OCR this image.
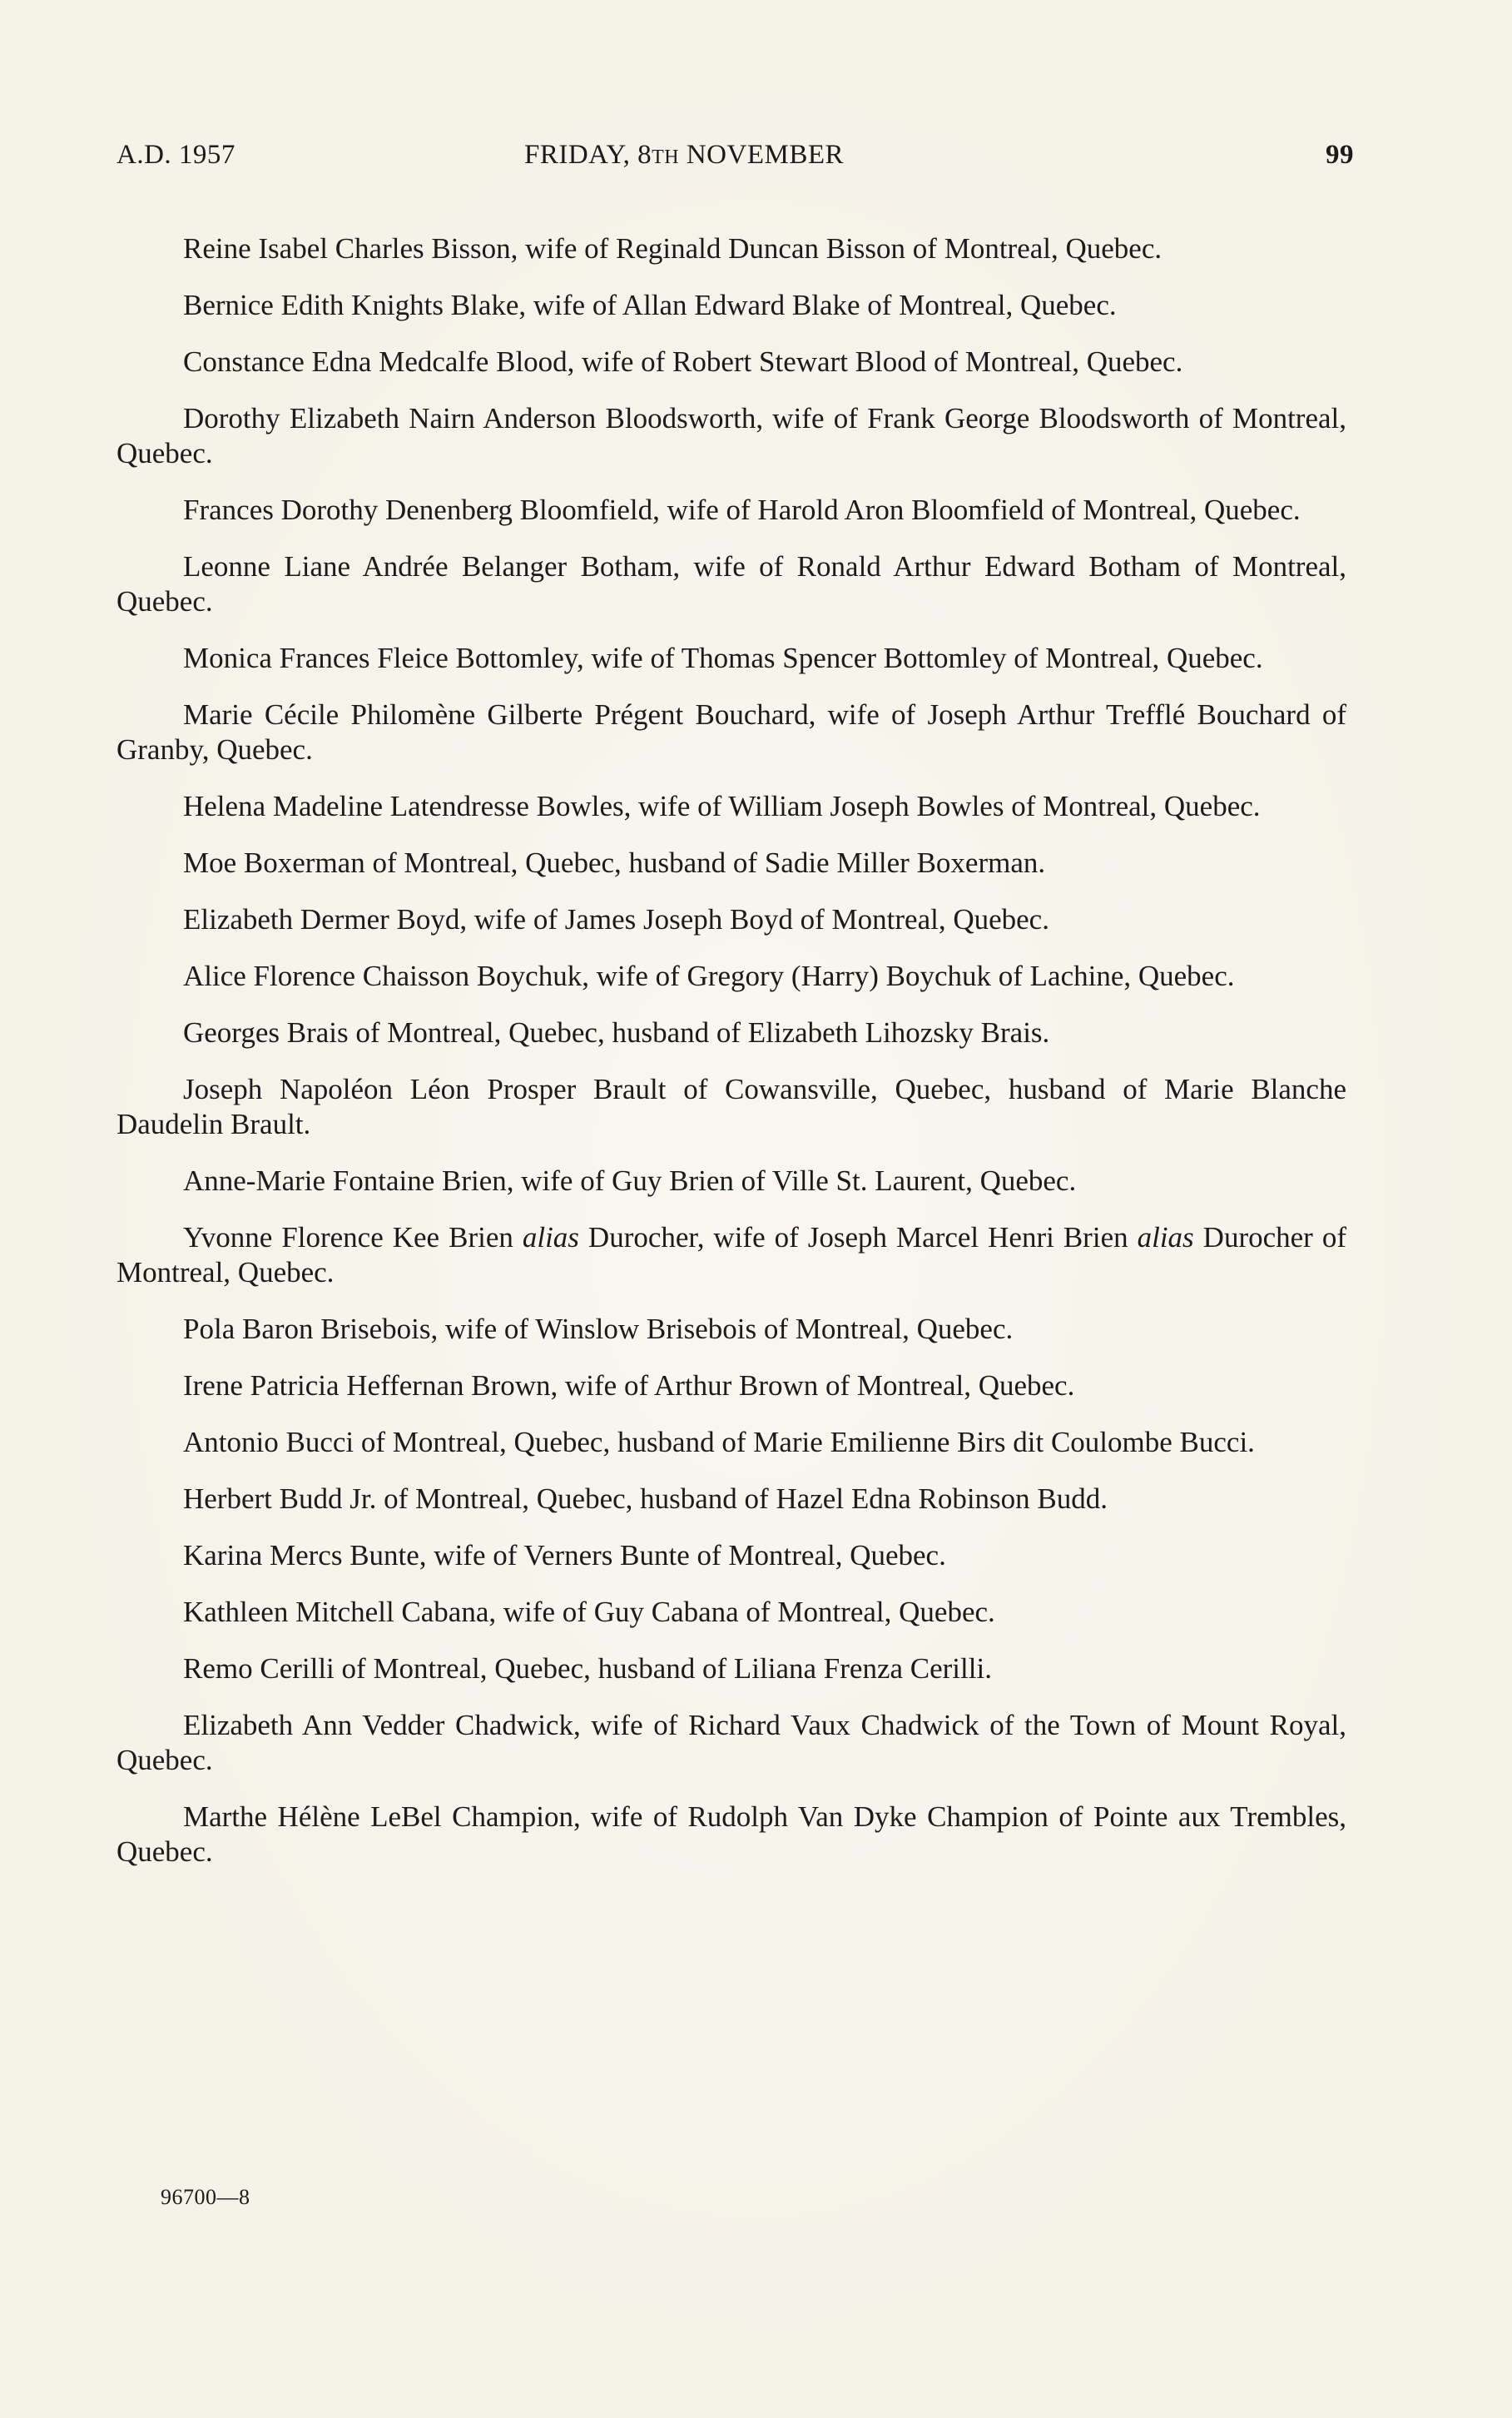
A.D. 1957	FRIDAY, 8TH NOVEMBER	99

Reine Isabel Charles Bisson, wife of Reginald Duncan Bisson of Montreal, Quebec.

Bernice Edith Knights Blake, wife of Allan Edward Blake of Montreal, Quebec.

Constance Edna Medcalfe Blood, wife of Robert Stewart Blood of Montreal, Quebec.

Dorothy Elizabeth Nairn Anderson Bloodsworth, wife of Frank George Bloodsworth of Montreal, Quebec.

Frances Dorothy Denenberg Bloomfield, wife of Harold Aron Bloomfield of Montreal, Quebec.

Leonne Liane Andrée Belanger Botham, wife of Ronald Arthur Edward Botham of Montreal, Quebec.

Monica Frances Fleice Bottomley, wife of Thomas Spencer Bottomley of Montreal, Quebec.

Marie Cécile Philomène Gilberte Prégent Bouchard, wife of Joseph Arthur Trefflé Bouchard of Granby, Quebec.

Helena Madeline Latendresse Bowles, wife of William Joseph Bowles of Montreal, Quebec.

Moe Boxerman of Montreal, Quebec, husband of Sadie Miller Boxerman.

Elizabeth Dermer Boyd, wife of James Joseph Boyd of Montreal, Quebec.

Alice Florence Chaisson Boychuk, wife of Gregory (Harry) Boychuk of Lachine, Quebec.

Georges Brais of Montreal, Quebec, husband of Elizabeth Lihozsky Brais.

Joseph Napoléon Léon Prosper Brault of Cowansville, Quebec, husband of Marie Blanche Daudelin Brault.

Anne-Marie Fontaine Brien, wife of Guy Brien of Ville St. Laurent, Quebec.

Yvonne Florence Kee Brien alias Durocher, wife of Joseph Marcel Henri Brien alias Durocher of Montreal, Quebec.

Pola Baron Brisebois, wife of Winslow Brisebois of Montreal, Quebec.

Irene Patricia Heffernan Brown, wife of Arthur Brown of Montreal, Quebec.

Antonio Bucci of Montreal, Quebec, husband of Marie Emilienne Birs dit Coulombe Bucci.

Herbert Budd Jr. of Montreal, Quebec, husband of Hazel Edna Robinson Budd.

Karina Mercs Bunte, wife of Verners Bunte of Montreal, Quebec.

Kathleen Mitchell Cabana, wife of Guy Cabana of Montreal, Quebec.

Remo Cerilli of Montreal, Quebec, husband of Liliana Frenza Cerilli.

Elizabeth Ann Vedder Chadwick, wife of Richard Vaux Chadwick of the Town of Mount Royal, Quebec.

Marthe Hélène LeBel Champion, wife of Rudolph Van Dyke Champion of Pointe aux Trembles, Quebec.

96700—8
